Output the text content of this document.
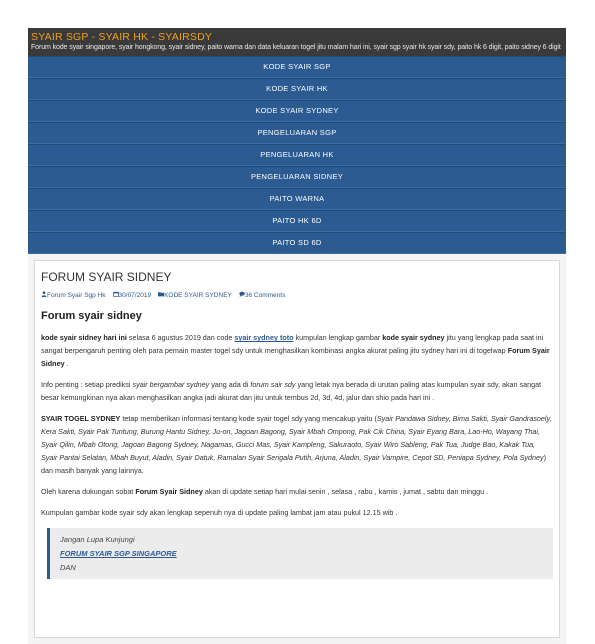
SYAIR SGP - SYAIR HK - SYAIRSDY
Forum kode syair singapore, syair hongkong, syair sidney, paito warna dan data keluaran togel jitu malam hari ini, syair sgp syair hk syair sdy, paito hk 6 digit, paito sidney 6 digit
KODE SYAIR SGP
KODE SYAIR HK
KODE SYAIR SYDNEY
PENGELUARAN SGP
PENGELUARAN HK
PENGELUARAN SIDNEY
PAITO WARNA
PAITO HK 6D
PAITO SD 6D
FORUM SYAIR SIDNEY
Forum Syair Sgp Hk	30/07/2019	KODE SYAIR SYDNEY	36 Comments
Forum syair sidney

kode syair sidney hari ini selasa 6 agustus 2019 dan code syair sydney toto kumpulan lengkap gambar kode syair sydney jitu yang lengkap pada saat ini sangat berpengaruh penting oleh para pemain master togel sdy untuk menghasilkan kombinasi angka akurat paling jitu sydney hari ini di togelwap Forum Syair Sidney .

Info penting : setiap prediksi syair bergambar sydney yang ada di forum sair sdy yang letak nya berada di urutan paling atas kumpulan syair sdy, akan sangat besar kemungkinan nya akan menghasilkan angka jadi akurat dan jitu untuk tembus 2d, 3d, 4d, jalur dan shio pada hari ini .

SYAIR TOGEL SYDNEY tetap memberikan informasi tentang kode syair togel sdy yang mencakup yaitu (Syair Pandawa Sidney, Bima Sakti, Syair Gandrasoely, Kera Sakti, Syair Pak Tuntung, Burung Hantu Sidney, Ju-on, Jagoan Bagong, Syair Mbah Ompong, Pak Cik China, Syair Eyang Bara, Lao-Ho, Wayang Thai, Syair Qilin, Mbah Otong, Jagoan Bagong Sydney, Nagamas, Gucci Mas, Syair Kampleng, Sakuraoto, Syair Wiro Sableng, Pak Tua, Judge Bao, Kakak Tua, Syair Pantai Selatan, Mbah Buyut, Aladin, Syair Datuk, Ramalan Syair Serigala Putih, Arjuna, Aladin, Syair Vampire, Cepot SD, Peniapa Sydney, Pola Sydney) dan masih banyak yang lainnya.

Oleh karena dukungan sobat Forum Syair Sidney akan di update setiap hari mulai senin , selasa , rabu , kamis , jumat , sabtu dan minggu .

Kumpulan gambar kode syair sdy akan lengkap sepenuh nya di update paling lambat jam atau pukul 12.15 wib .

Jangan Lupa Kunjungi
FORUM SYAIR SGP SINGAPORE
DAN
